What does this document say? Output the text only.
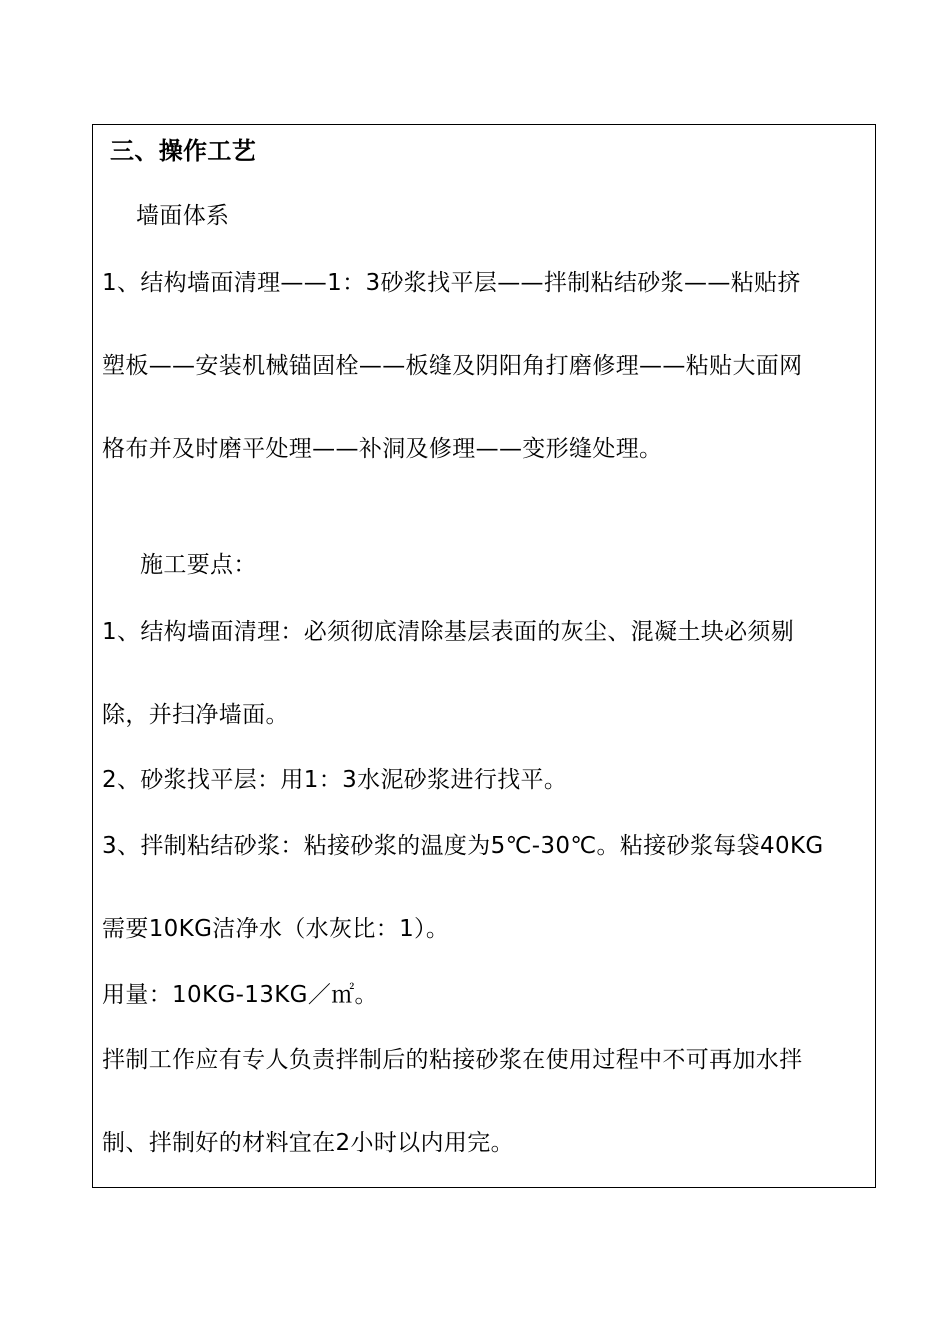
三、操作工艺
墙面体系
1、结构墙面清理——1：3砂浆找平层——拌制粘结砂浆——粘贴挤
塑板——安装机械锚固栓——板缝及阴阳角打磨修理——粘贴大面网
格布并及时磨平处理——补洞及修理——变形缝处理。
施工要点：
1、结构墙面清理：必须彻底清除基层表面的灰尘、混凝土块必须剔
除，并扫净墙面。
2、砂浆找平层：用1：3水泥砂浆进行找平。
3、拌制粘结砂浆：粘接砂浆的温度为5℃-30℃。粘接砂浆每袋40KG
需要10KG洁净水（水灰比：1）。
用量：10KG-13KG／㎡。
拌制工作应有专人负责拌制后的粘接砂浆在使用过程中不可再加水拌
制、拌制好的材料宜在2小时以内用完。
